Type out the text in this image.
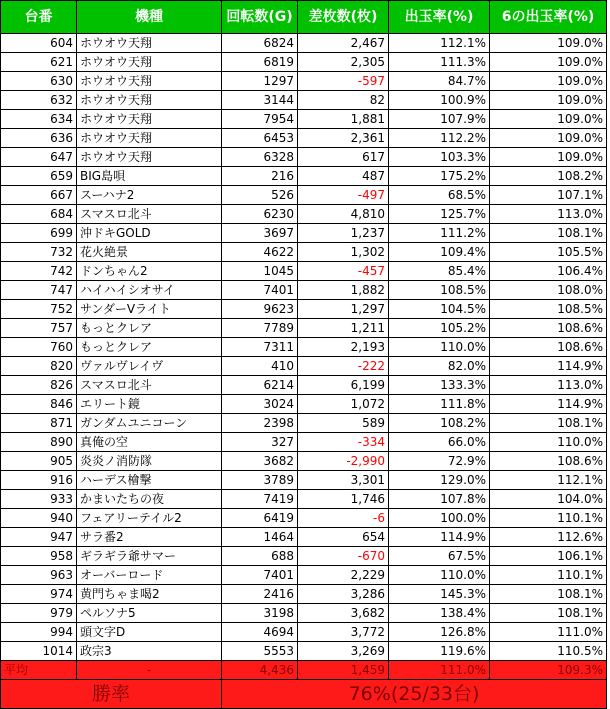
台番	機種	回転数(G)	差枚数(枚)	出玉率(%)	6の出玉率(%)
604	ホウオウ天翔	6824	2,467	112.1%	109.0%
621	ホウオウ天翔	6819	2,305	111.3%	109.0%
630	ホウオウ天翔	1297	-597	84.7%	109.0%
632	ホウオウ天翔	3144	82	100.9%	109.0%
634	ホウオウ天翔	7954	1,881	107.9%	109.0%
636	ホウオウ天翔	6453	2,361	112.2%	109.0%
647	ホウオウ天翔	6328	617	103.3%	109.0%
659	BIG島唄	216	487	175.2%	108.2%
667	スーハナ2	526	-497	68.5%	107.1%
684	スマスロ北斗	6230	4,810	125.7%	113.0%
699	沖ドキGOLD	3697	1,237	111.2%	108.1%
732	花火絶景	4622	1,302	109.4%	105.5%
742	ドンちゃん2	1045	-457	85.4%	106.4%
747	ハイハイシオサイ	7401	1,882	108.5%	108.0%
752	サンダーVライト	9623	1,297	104.5%	108.5%
757	もっとクレア	7789	1,211	105.2%	108.6%
760	もっとクレア	7311	2,193	110.0%	108.6%
820	ヴァルヴレイヴ	410	-222	82.0%	114.9%
826	スマスロ北斗	6214	6,199	133.3%	113.0%
846	エリート鏡	3024	1,072	111.8%	114.9%
871	ガンダムユニコーン	2398	589	108.2%	108.1%
890	真俺の空	327	-334	66.0%	110.0%
905	炎炎ノ消防隊	3682	-2,990	72.9%	108.6%
916	ハーデス檜撃	3789	3,301	129.0%	112.1%
933	かまいたちの夜	7419	1,746	107.8%	104.0%
940	フェアリーテイル2	6419	-6	100.0%	110.1%
947	サラ番2	1464	654	114.9%	112.6%
958	ギラギラ爺サマー	688	-670	67.5%	106.1%
963	オーバーロード	7401	2,229	110.0%	110.1%
974	黄門ちゃま喝2	2416	3,286	145.3%	108.1%
979	ペルソナ5	3198	3,682	138.4%	108.1%
994	頭文字D	4694	3,772	126.8%	111.0%
1014	政宗3	5553	3,269	119.6%	110.5%
平均	-	4,436	1,459	111.0%	109.3%
勝率		76%(25/33台)			
